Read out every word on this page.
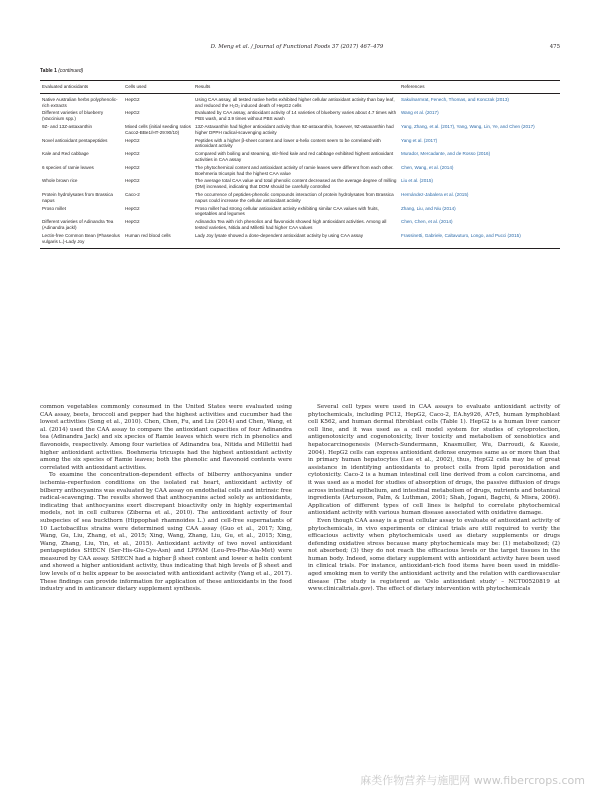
D. Meng et al. / Journal of Functional Foods 37 (2017) 467–479	475
Table 1 (continued)
Evaluated antioxidants	Cells used	Results	References
Native Australian herbs polyphenolic-rich extracts	HepG2	Using CAA assay, all tested native herbs exhibited higher cellular antioxidant activity than bay leaf, and reduced the H₂O₂ induced death of HepG2 cells	Sakulnarmrat, Fenech, Thomas, and Konczak (2013)
Different varieties of blueberry (Vaccinium spp.)	HepG2	Evaluated by CAA assay, antioxidant activity of 14 varieties of blueberry varies about 4.7 times with PBS wash, and 3.9 times without PBS wash	Wang et al. (2017)
9Z- and 13Z-astaxanthin	Mixed cells (initial seeding ratios Caco2-BBe1/HT-29:90/10)	13Z-Astaxanthin had higher antioxidant activity than 9Z-astaxanthin, however, 9Z-astaxanthin had higher DPPH radical-scavenging activity	Yang, Zhang, et al. (2017), Yang, Wang, Lin, Ye, and Chen (2017)
Novel antioxidant pentapeptides	HepG2	Peptides with a higher β-sheet content and lower α-helix content seem to be correlated with antioxidant activity	Yang et al. (2017)
Kale and Red cabbage	HepG2	Compared with boiling and steaming, stir-fried kale and red cabbage exhibited highest antioxidant activities in CAA assay	Murador, Mercadante, and de Rosso (2016)
6 species of ramie leaves	HepG2	The phytochemical content and antioxidant activity of ramie leaves were different from each other. Boehmeria tricuspis had the highest CAA value	Chen, Wang, et al. (2014)
Whole brown rice	HepG2	The average total CAA value and total phenolic content decreased as the average degree of milling (DM) increased, indicating that DOM should be carefully controlled	Liu et al. (2015)
Protein hydrolysates from Brassica napus	Caco-2	The occurrence of peptides-phenolic compounds interaction of protein hydrolysates from Brassica napus could increase the cellular antioxidant activity	Hernández-Jabalera et al. (2015)
Proso millet	HepG2	Proso millet had strong cellular antioxidant activity exhibiting similar CAA values with fruits, vegetables and legumes	Zhang, Liu, and Niu (2014)
Different varieties of Adinandra Tea (Adinandra jackl)	HepG2	Adinandra Tea with rich phenolics and flavonoids showed high antioxidant activities. Among all tested varieties, Nitida and Millettii had higher CAA values	Chen, Chen, et al. (2014)
Lectin-free Common Bean (Phaseolus vulgaris L.)-Lady Joy	Human red blood cells	Lady Joy lysate showed a dose-dependent antioxidant activity by using CAA assay	Frassinetti, Gabriele, Caltavuturo, Longo, and Pucci (2015)

common vegetables commonly consumed in the United States were evaluated using CAA assay, beets, broccoli and pepper had the highest activities and cucumber had the lowest activities (Song et al., 2010). Chen, Chen, Fu, and Liu (2014) and Chen, Wang, et al. (2014) used the CAA assay to compare the antioxidant capacities of four Adinandra tea (Adinandra Jack) and six species of Ramie leaves which were rich in phenolics and flavonoids, respectively. Among four varieties of Adinandra tea, Nitida and Millettii had higher antioxidant activities. Boehmeria tricuspis had the highest antioxidant activity among the six species of Ramie leaves; both the phenolic and flavonoid contents were correlated with antioxidant activities.

To examine the concentration-dependent effects of bilberry anthocyanins under ischemia–reperfusion conditions on the isolated rat heart, antioxidant activity of bilberry anthocyanins was evaluated by CAA assay on endothelial cells and intrinsic free radical-scavenging. The results showed that anthocyanins acted solely as antioxidants, indicating that anthocyanins exert discrepant bioactivity only in highly experimental models, not in cell cultures (Ziberna et al., 2010). The antioxidant activity of four subspecies of sea buckthorn (Hippophaë rhamnoides L.) and cell-free supernatants of 10 Lactobacillus strains were determined using CAA assay (Guo et al., 2017; Xing, Wang, Gu, Liu, Zhang, et al., 2015; Xing, Wang, Zhang, Liu, Gu, et al., 2015; Xing, Wang, Zhang, Liu, Yin, et al., 2015). Antioxidant activity of two novel antioxidant pentapeptides SHECN (Ser-His-Glu-Cys-Asn) and LPFAM (Leu-Pro-Phe-Ala-Met) were measured by CAA assay. SHECN had a higher β sheet content and lower α helix content and showed a higher antioxidant activity, thus indicating that high levels of β sheet and low levels of α helix appear to be associated with antioxidant activity (Yang et al., 2017). These findings can provide information for application of these antioxidants in the food industry and in anticancer dietary supplement synthesis.

Several cell types were used in CAA assays to evaluate antioxidant activity of phytochemicals, including PC12, HepG2, Caco-2, EA.hy926, A7r5, human lymphoblast cell K562, and human dermal fibroblast cells (Table 1). HepG2 is a human liver cancer cell line, and it was used as a cell model system for studies of cytoprotection, antigenotoxicity and cogenotoxicity, liver toxicity and metabolism of xenobiotics and hepatocarcinogenesis (Mersch-Sundermann, Knasmuller, Wu, Darroudi, & Kassie, 2004). HepG2 cells can express antioxidant defense enzymes same as or more than that in primary human hepatocytes (Lee et al., 2002), thus, HepG2 cells may be of great assistance in identifying antioxidants to protect cells from lipid peroxidation and cytotoxicity. Caco-2 is a human intestinal cell line derived from a colon carcinoma, and it was used as a model for studies of absorption of drugs, the passive diffusion of drugs across intestinal epithelium, and intestinal metabolism of drugs, nutrients and botanical ingredients (Artursson, Palm, & Luthman, 2001; Shah, Jogani, Bagchi, & Misra, 2006). Application of different types of cell lines is helpful to correlate phytochemical antioxidant activity with various human disease associated with oxidative damage.

Even though CAA assay is a great cellular assay to evaluate of antioxidant activity of phytochemicals, in vivo experiments or clinical trials are still required to verify the efficacious activity when phytochemicals used as dietary supplements or drugs defending oxidative stress because many phytochemicals may be: (1) metabolized; (2) not absorbed; (3) they do not reach the efficacious levels or the target tissues in the human body. Indeed, some dietary supplement with antioxidant activity have been used in clinical trials. For instance, antioxidant-rich food items have been used in middle-aged smoking men to verify the antioxidant activity and the relation with cardiovascular disease (The study is registered as 'Oslo antioxidant study' – NCT00520819 at www.clinicaltrials.gov). The effect of dietary intervention with phytochemicals

麻类作物营养与施肥网 www.fibercrops.com
